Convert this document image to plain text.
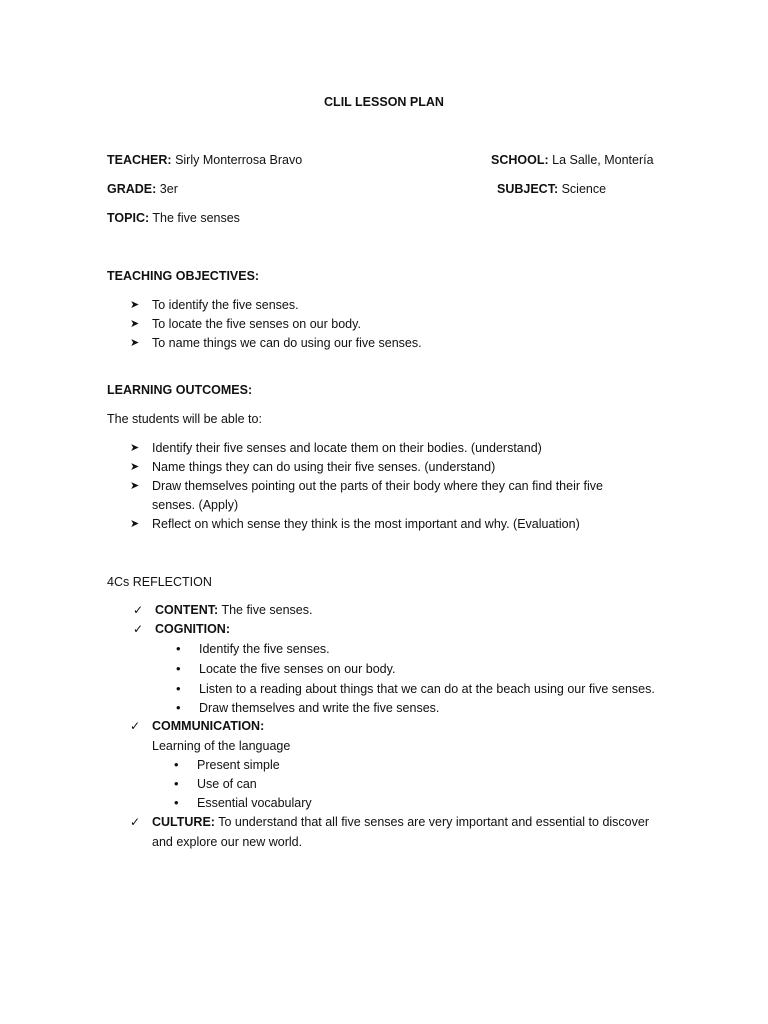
CLIL LESSON PLAN
TEACHER: Sirly Monterrosa Bravo	SCHOOL: La Salle, Montería
GRADE: 3er	SUBJECT: Science
TOPIC: The five senses
TEACHING OBJECTIVES:
➤ To identify the five senses.
➤ To locate the five senses on our body.
➤ To name things we can do using our five senses.
LEARNING OUTCOMES:
The students will be able to:
➤ Identify their five senses and locate them on their bodies. (understand)
➤ Name things they can do using their five senses. (understand)
➤ Draw themselves pointing out the parts of their body where they can find their five
senses. (Apply)
➤ Reflect on which sense they think is the most important and why. (Evaluation)
4Cs REFLECTION
✓ CONTENT: The five senses.
✓ COGNITION:
• Identify the five senses.
• Locate the five senses on our body.
• Listen to a reading about things that we can do at the beach using our five senses.
• Draw themselves and write the five senses.
✓ COMMUNICATION:
Learning of the language
• Present simple
• Use of can
• Essential vocabulary
✓ CULTURE: To understand that all five senses are very important and essential to discover
and explore our new world.
